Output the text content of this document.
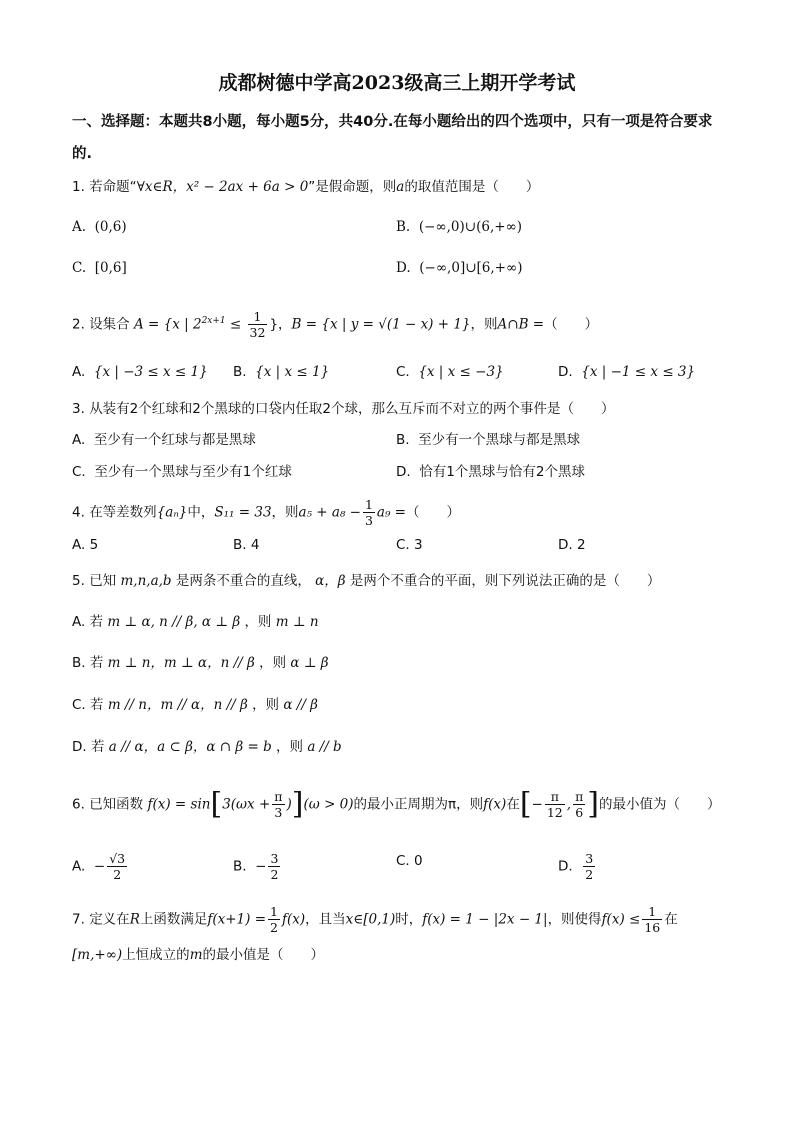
成都树德中学高2023级高三上期开学考试
一、选择题：本题共8小题，每小题5分，共40分.在每小题给出的四个选项中，只有一项是符合要求的.
1. 若命题“∀x∈R，x² − 2ax + 6a > 0”是假命题，则a的取值范围是（　　）
A. (0,6)	B. (−∞,0)∪(6,+∞)
C. [0,6]	D. (−∞,0]∪[6,+∞)
2. 设集合 A = {x | $2^{2x+1} \le \frac{1}{32}$ }，B = {x | y = √(1 − x) + 1}，则A∩B =（　　）
A. {x | −3 ≤ x ≤ 1} B. {x | x ≤ 1}	C. {x | x ≤ −3}	D. {x | −1 ≤ x ≤ 3}
3. 从装有2个红球和2个黑球的口袋内任取2个球，那么互斥而不对立的两个事件是（　　）
A. 至少有一个红球与都是黑球	B. 至少有一个黑球与都是黑球
C. 至少有一个黑球与至少有1个红球	D. 恰有1个黑球与恰有2个黑球
4. 在等差数列{aₙ}中，S₁₁ = 33，则$a_5 + a_8 - \frac{1}{3} a_9$ =（　　）
A. 5	B. 4	C. 3	D. 2
5. 已知 m,n,a,b 是两条不重合的直线， α，β 是两个不重合的平面，则下列说法正确的是（　　）
A. 若 m ⊥ α, n // β, α ⊥ β ，则 m ⊥ n
B. 若 m ⊥ n，m ⊥ α，n // β ，则 α ⊥ β
C. 若 m // n，m // α，n // β ，则 α // β
D. 若 a // α，a ⊂ β，α ∩ β = b ，则 a // b
6. 已知函数 $f(x) = \sin[3(\omega x + \frac{\pi}{3} )](\omega > 0)$的最小正周期为π，则f(x)在[− $\frac{\pi}{12}$ , $\frac{\pi}{6}$ ]的最小值为（　　）
A. − $\frac{√3}{2}$	B. − $\frac{3}{2}$	C. 0	D. $\frac{3}{2}$
7. 定义在R上函数满足$f(x+1) = \frac{1}{2} f(x)$，且当x∈[0,1)时，f(x) = 1 − |2x − 1|，则使得$f(x) \le \frac{1}{16}$ 在
[m,+∞)上恒成立的m的最小值是（　　）
